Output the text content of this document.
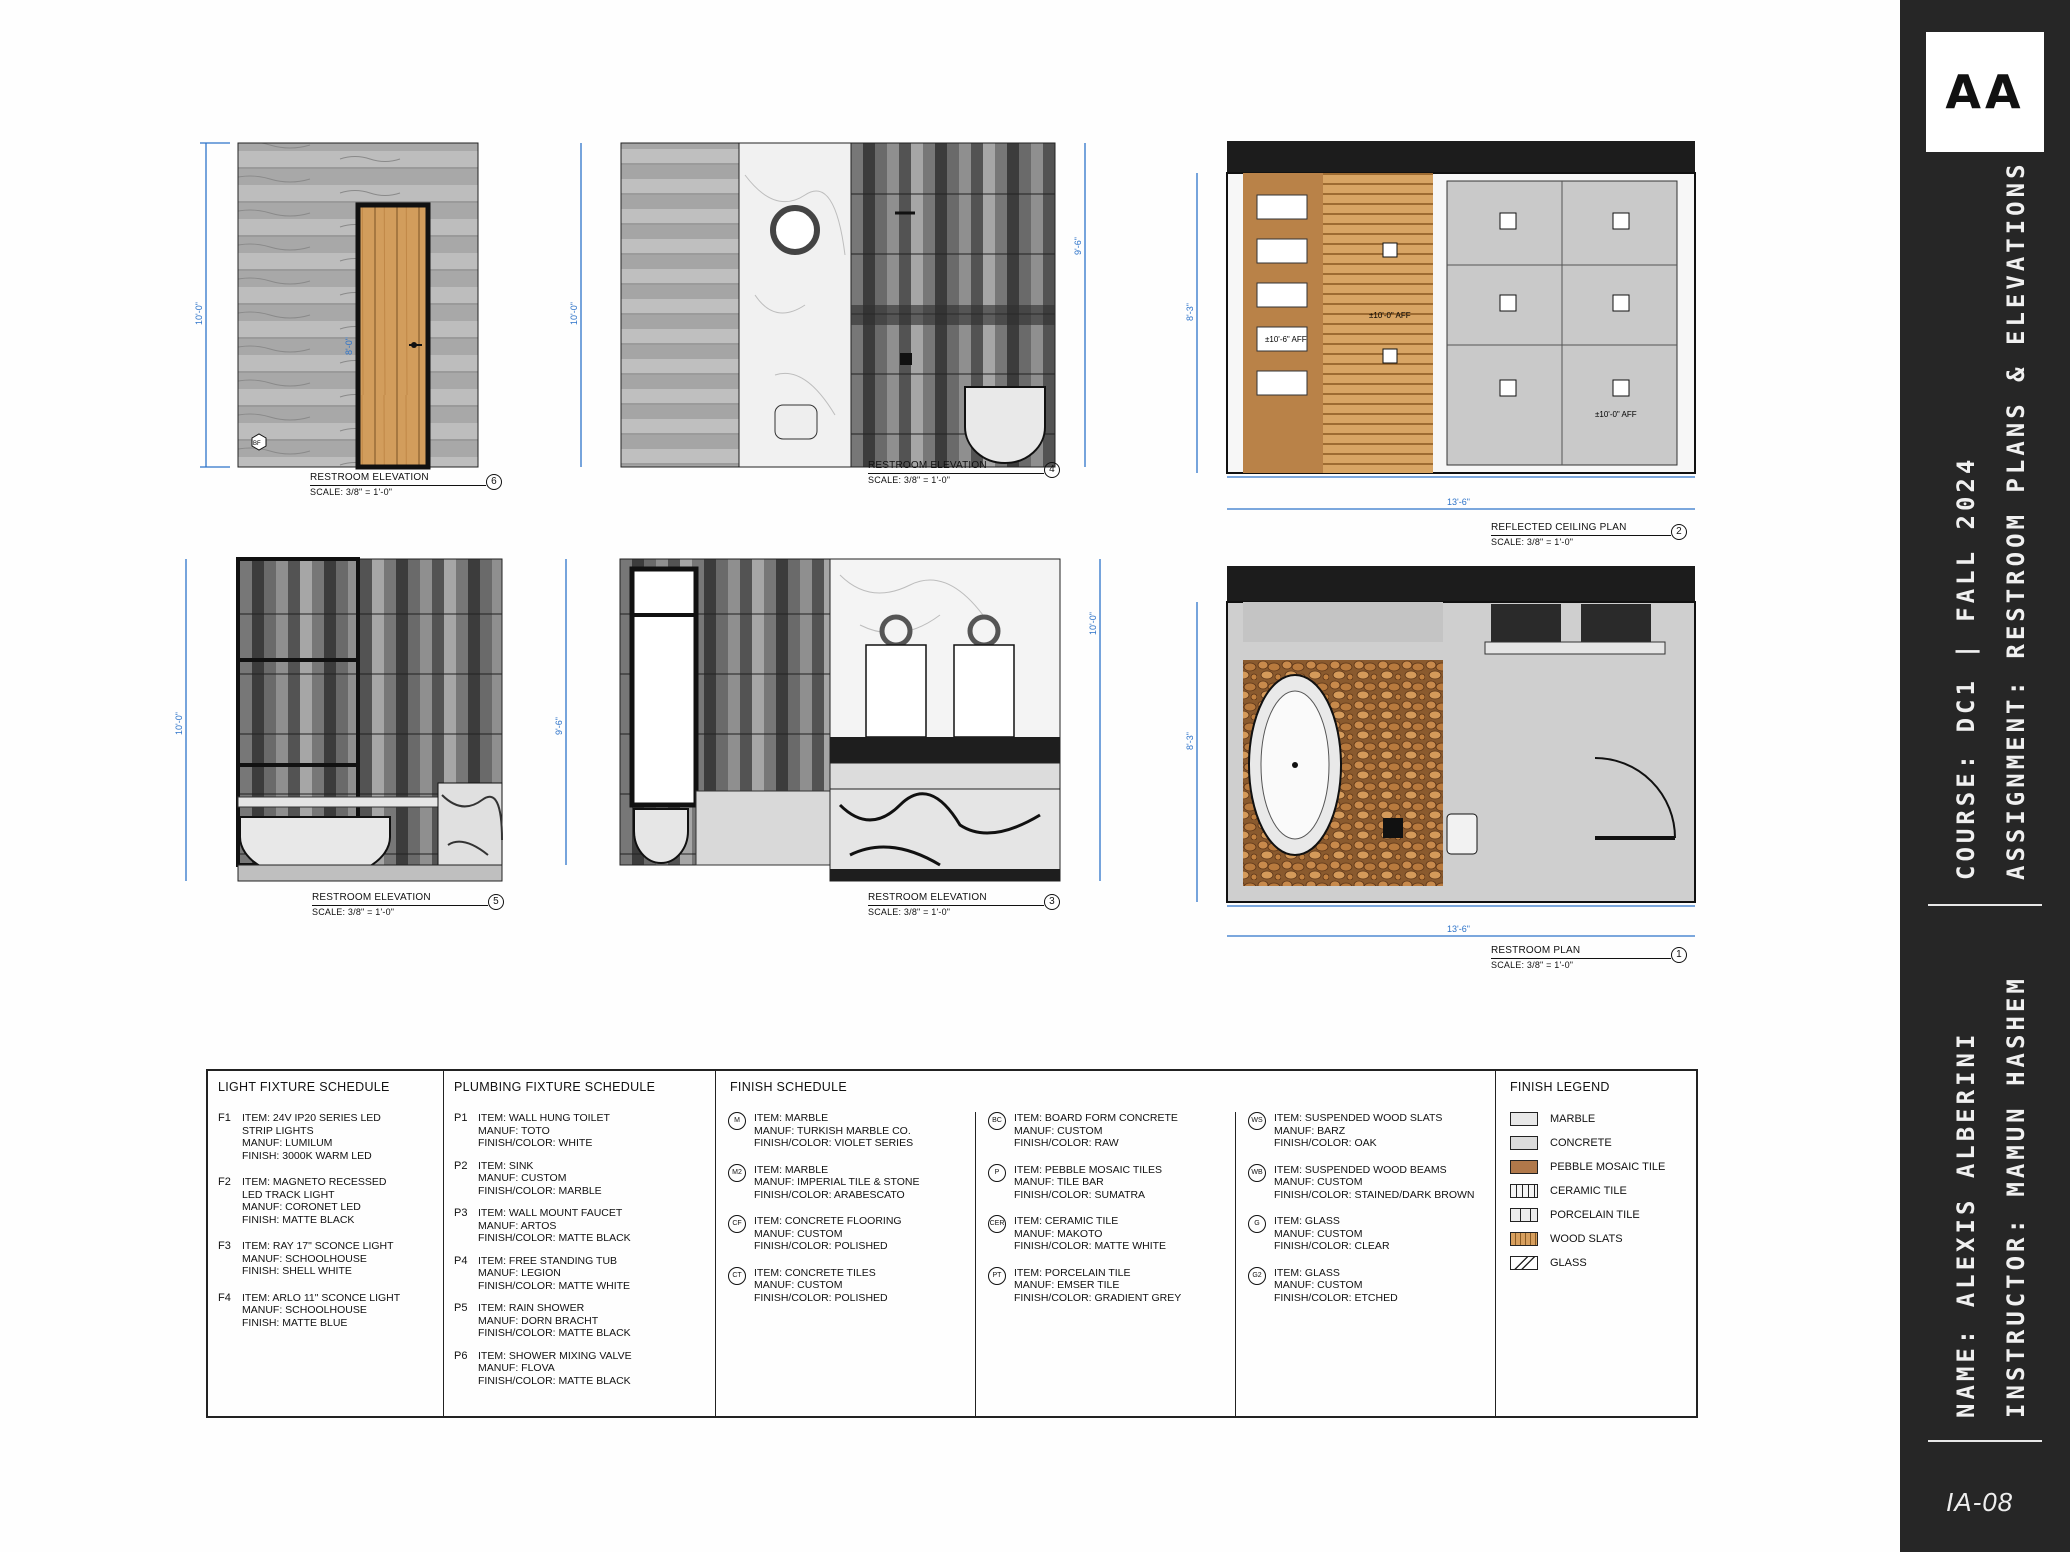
10'-0"
8'-0"
BF
RESTROOM ELEVATION
SCALE: 3/8" = 1'-0"
6
10'-0"
9'-6"
RESTROOM ELEVATION
SCALE: 3/8" = 1'-0"
4
±10'-6" AFF
±10'-0" AFF
±10'-0" AFF
8'-3"
13'-6"
REFLECTED CEILING PLAN
SCALE: 3/8" = 1'-0"
2
10'-0"
RESTROOM ELEVATION
SCALE: 3/8" = 1'-0"
5
9'-6"
10'-0"
RESTROOM ELEVATION
SCALE: 3/8" = 1'-0"
3
8'-3"
13'-6"
RESTROOM PLAN
SCALE: 3/8" = 1'-0"
1
LIGHT FIXTURE SCHEDULE
F1	ITEM: 24V IP20 SERIES LED
STRIP LIGHTS
MANUF: LUMILUM
FINISH: 3000K WARM LED
F2	ITEM: MAGNETO RECESSED
LED TRACK LIGHT
MANUF: CORONET LED
FINISH: MATTE BLACK
F3	ITEM: RAY 17" SCONCE LIGHT
MANUF: SCHOOLHOUSE
FINISH: SHELL WHITE
F4	ITEM: ARLO 11" SCONCE LIGHT
MANUF: SCHOOLHOUSE
FINISH: MATTE BLUE
PLUMBING FIXTURE SCHEDULE
P1	ITEM: WALL HUNG TOILET
MANUF: TOTO
FINISH/COLOR: WHITE
P2	ITEM: SINK
MANUF: CUSTOM
FINISH/COLOR: MARBLE
P3	ITEM: WALL MOUNT FAUCET
MANUF: ARTOS
FINISH/COLOR: MATTE BLACK
P4	ITEM: FREE STANDING TUB
MANUF: LEGION
FINISH/COLOR: MATTE WHITE
P5	ITEM: RAIN SHOWER
MANUF: DORN BRACHT
FINISH/COLOR: MATTE BLACK
P6	ITEM: SHOWER MIXING VALVE
MANUF: FLOVA
FINISH/COLOR: MATTE BLACK
FINISH SCHEDULE
M	ITEM: MARBLE
MANUF: TURKISH MARBLE CO.
FINISH/COLOR: VIOLET SERIES
M2	ITEM: MARBLE
MANUF: IMPERIAL TILE & STONE
FINISH/COLOR: ARABESCATO
CF	ITEM: CONCRETE FLOORING
MANUF: CUSTOM
FINISH/COLOR: POLISHED
CT	ITEM: CONCRETE TILES
MANUF: CUSTOM
FINISH/COLOR: POLISHED
BC	ITEM: BOARD FORM CONCRETE
MANUF: CUSTOM
FINISH/COLOR: RAW
P	ITEM: PEBBLE MOSAIC TILES
MANUF: TILE BAR
FINISH/COLOR: SUMATRA
CER ITEM: CERAMIC TILE
MANUF: MAKOTO
FINISH/COLOR: MATTE WHITE
PT	ITEM: PORCELAIN TILE
MANUF: EMSER TILE
FINISH/COLOR: GRADIENT GREY
WS	ITEM: SUSPENDED WOOD SLATS
MANUF: BARZ
FINISH/COLOR: OAK
WB	ITEM: SUSPENDED WOOD BEAMS
MANUF: CUSTOM
FINISH/COLOR: STAINED/DARK BROWN
G	ITEM: GLASS
MANUF: CUSTOM
FINISH/COLOR: CLEAR
G2	ITEM: GLASS
MANUF: CUSTOM
FINISH/COLOR: ETCHED
FINISH LEGEND
MARBLE
CONCRETE
PEBBLE MOSAIC TILE
CERAMIC TILE
PORCELAIN TILE
WOOD SLATS
GLASS
AA
ASSIGNMENT: RESTROOM PLANS & ELEVATIONS
COURSE: DC1 | FALL 2024
INSTRUCTOR: MAMUN HASHEM
NAME: ALEXIS ALBERINI
IA-08
